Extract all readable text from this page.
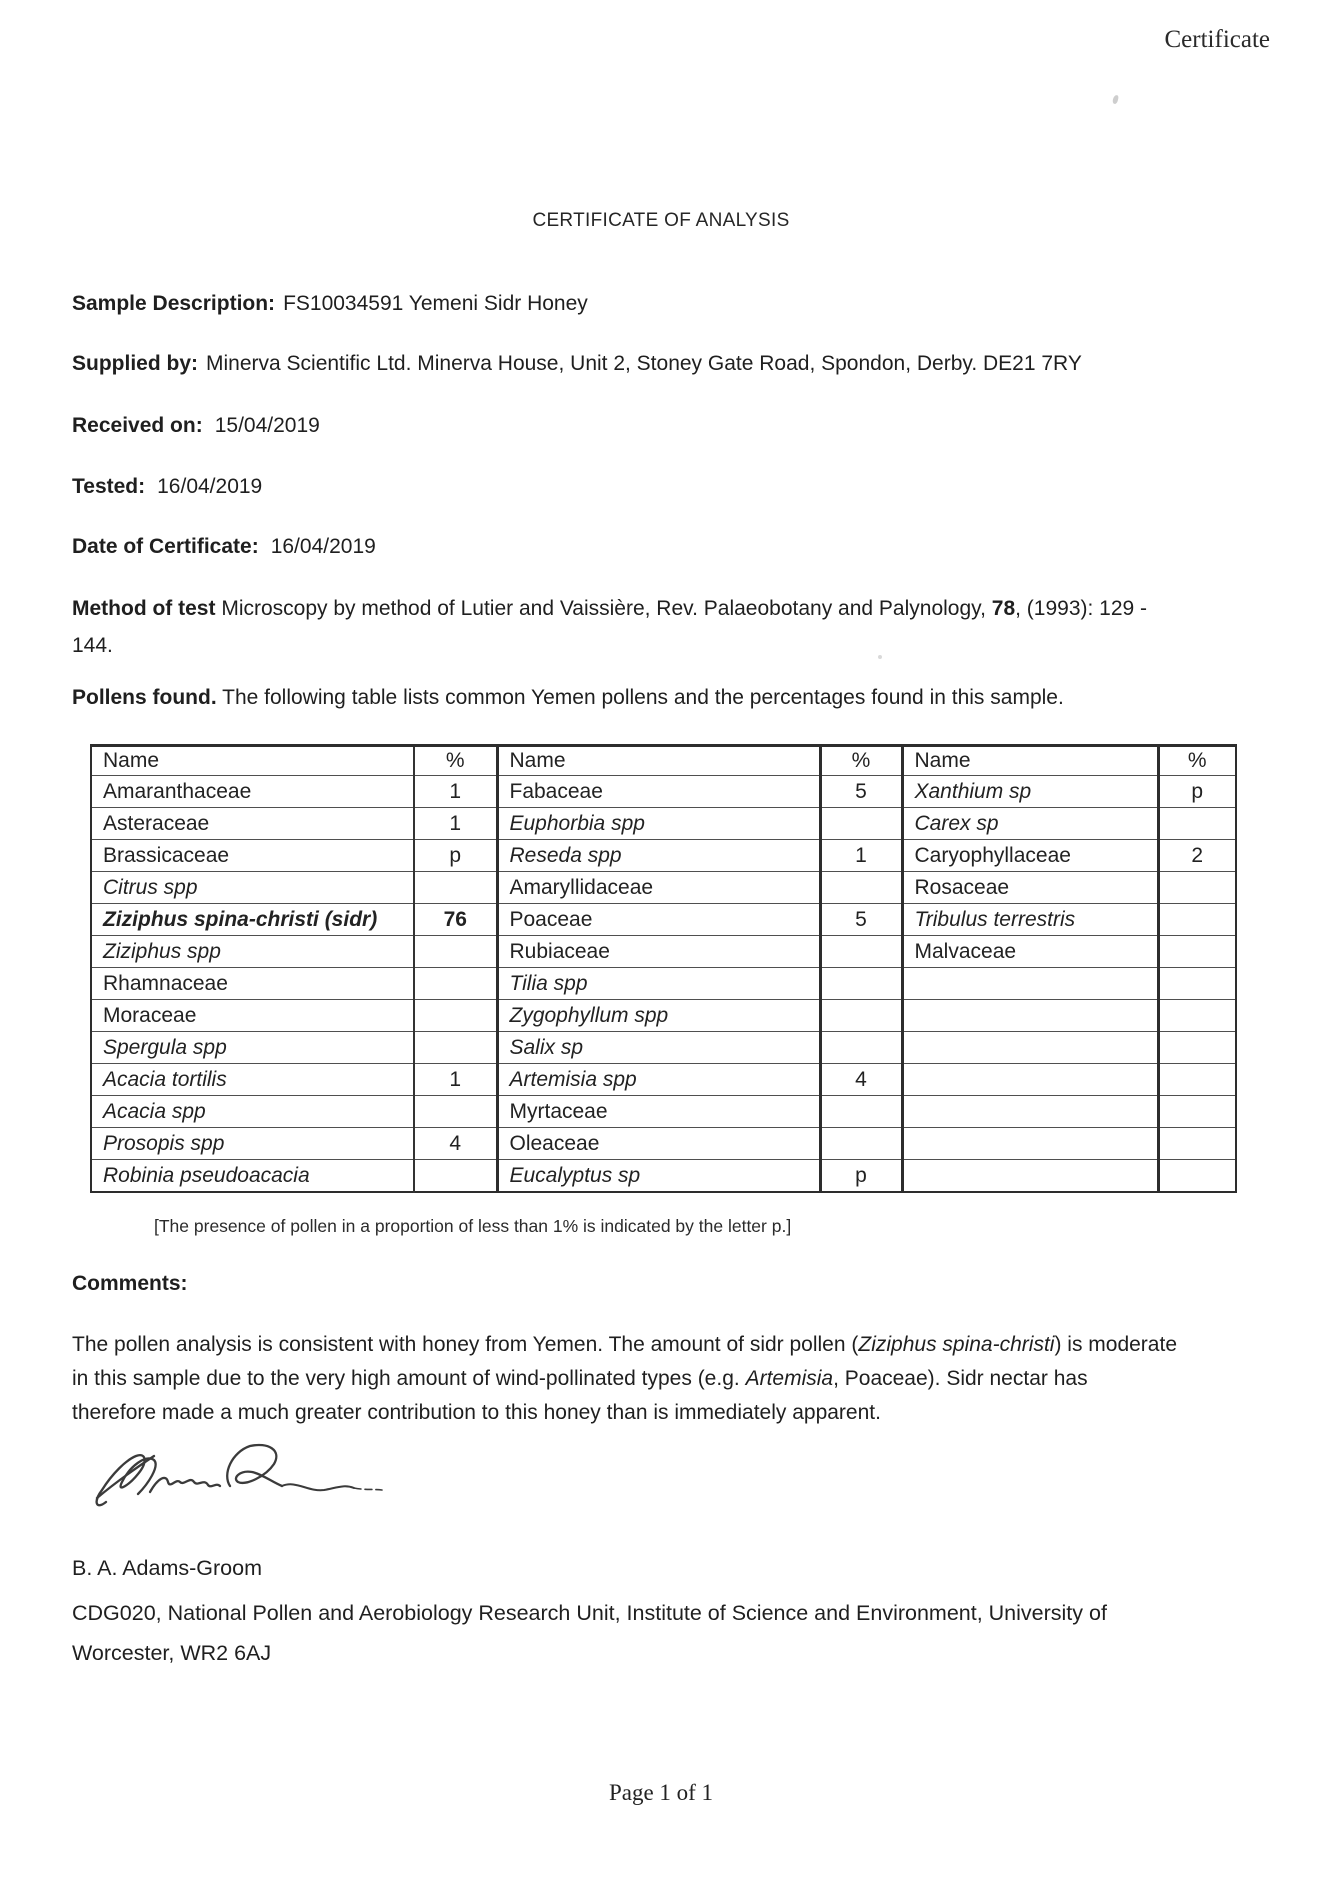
Certificate
CERTIFICATE OF ANALYSIS
Sample Description: FS10034591 Yemeni Sidr Honey
Supplied by: Minerva Scientific Ltd. Minerva House, Unit 2, Stoney Gate Road, Spondon, Derby. DE21 7RY
Received on: 15/04/2019
Tested: 16/04/2019
Date of Certificate: 16/04/2019
Method of test Microscopy by method of Lutier and Vaissière, Rev. Palaeobotany and Palynology, 78, (1993): 129 -
144.
Pollens found. The following table lists common Yemen pollens and the percentages found in this sample.
Name	%	Name	%	Name	%
Amaranthaceae	1	Fabaceae	5	Xanthium sp	p
Asteraceae	1	Euphorbia spp		Carex sp	
Brassicaceae	p	Reseda spp	1	Caryophyllaceae	2
Citrus spp		Amaryllidaceae		Rosaceae	
Ziziphus spina-christi (sidr)	76	Poaceae	5	Tribulus terrestris	
Ziziphus spp		Rubiaceae		Malvaceae	
Rhamnaceae		Tilia spp			
Moraceae		Zygophyllum spp			
Spergula spp		Salix sp			
Acacia tortilis	1	Artemisia spp	4		
Acacia spp		Myrtaceae			
Prosopis spp	4	Oleaceae			
Robinia pseudoacacia		Eucalyptus sp	p		
[The presence of pollen in a proportion of less than 1% is indicated by the letter p.]
Comments:
The pollen analysis is consistent with honey from Yemen. The amount of sidr pollen (Ziziphus spina-christi) is moderate
in this sample due to the very high amount of wind-pollinated types (e.g. Artemisia, Poaceae). Sidr nectar has
therefore made a much greater contribution to this honey than is immediately apparent.
B. A. Adams-Groom
CDG020, National Pollen and Aerobiology Research Unit, Institute of Science and Environment, University of
Worcester, WR2 6AJ
Page 1 of 1
